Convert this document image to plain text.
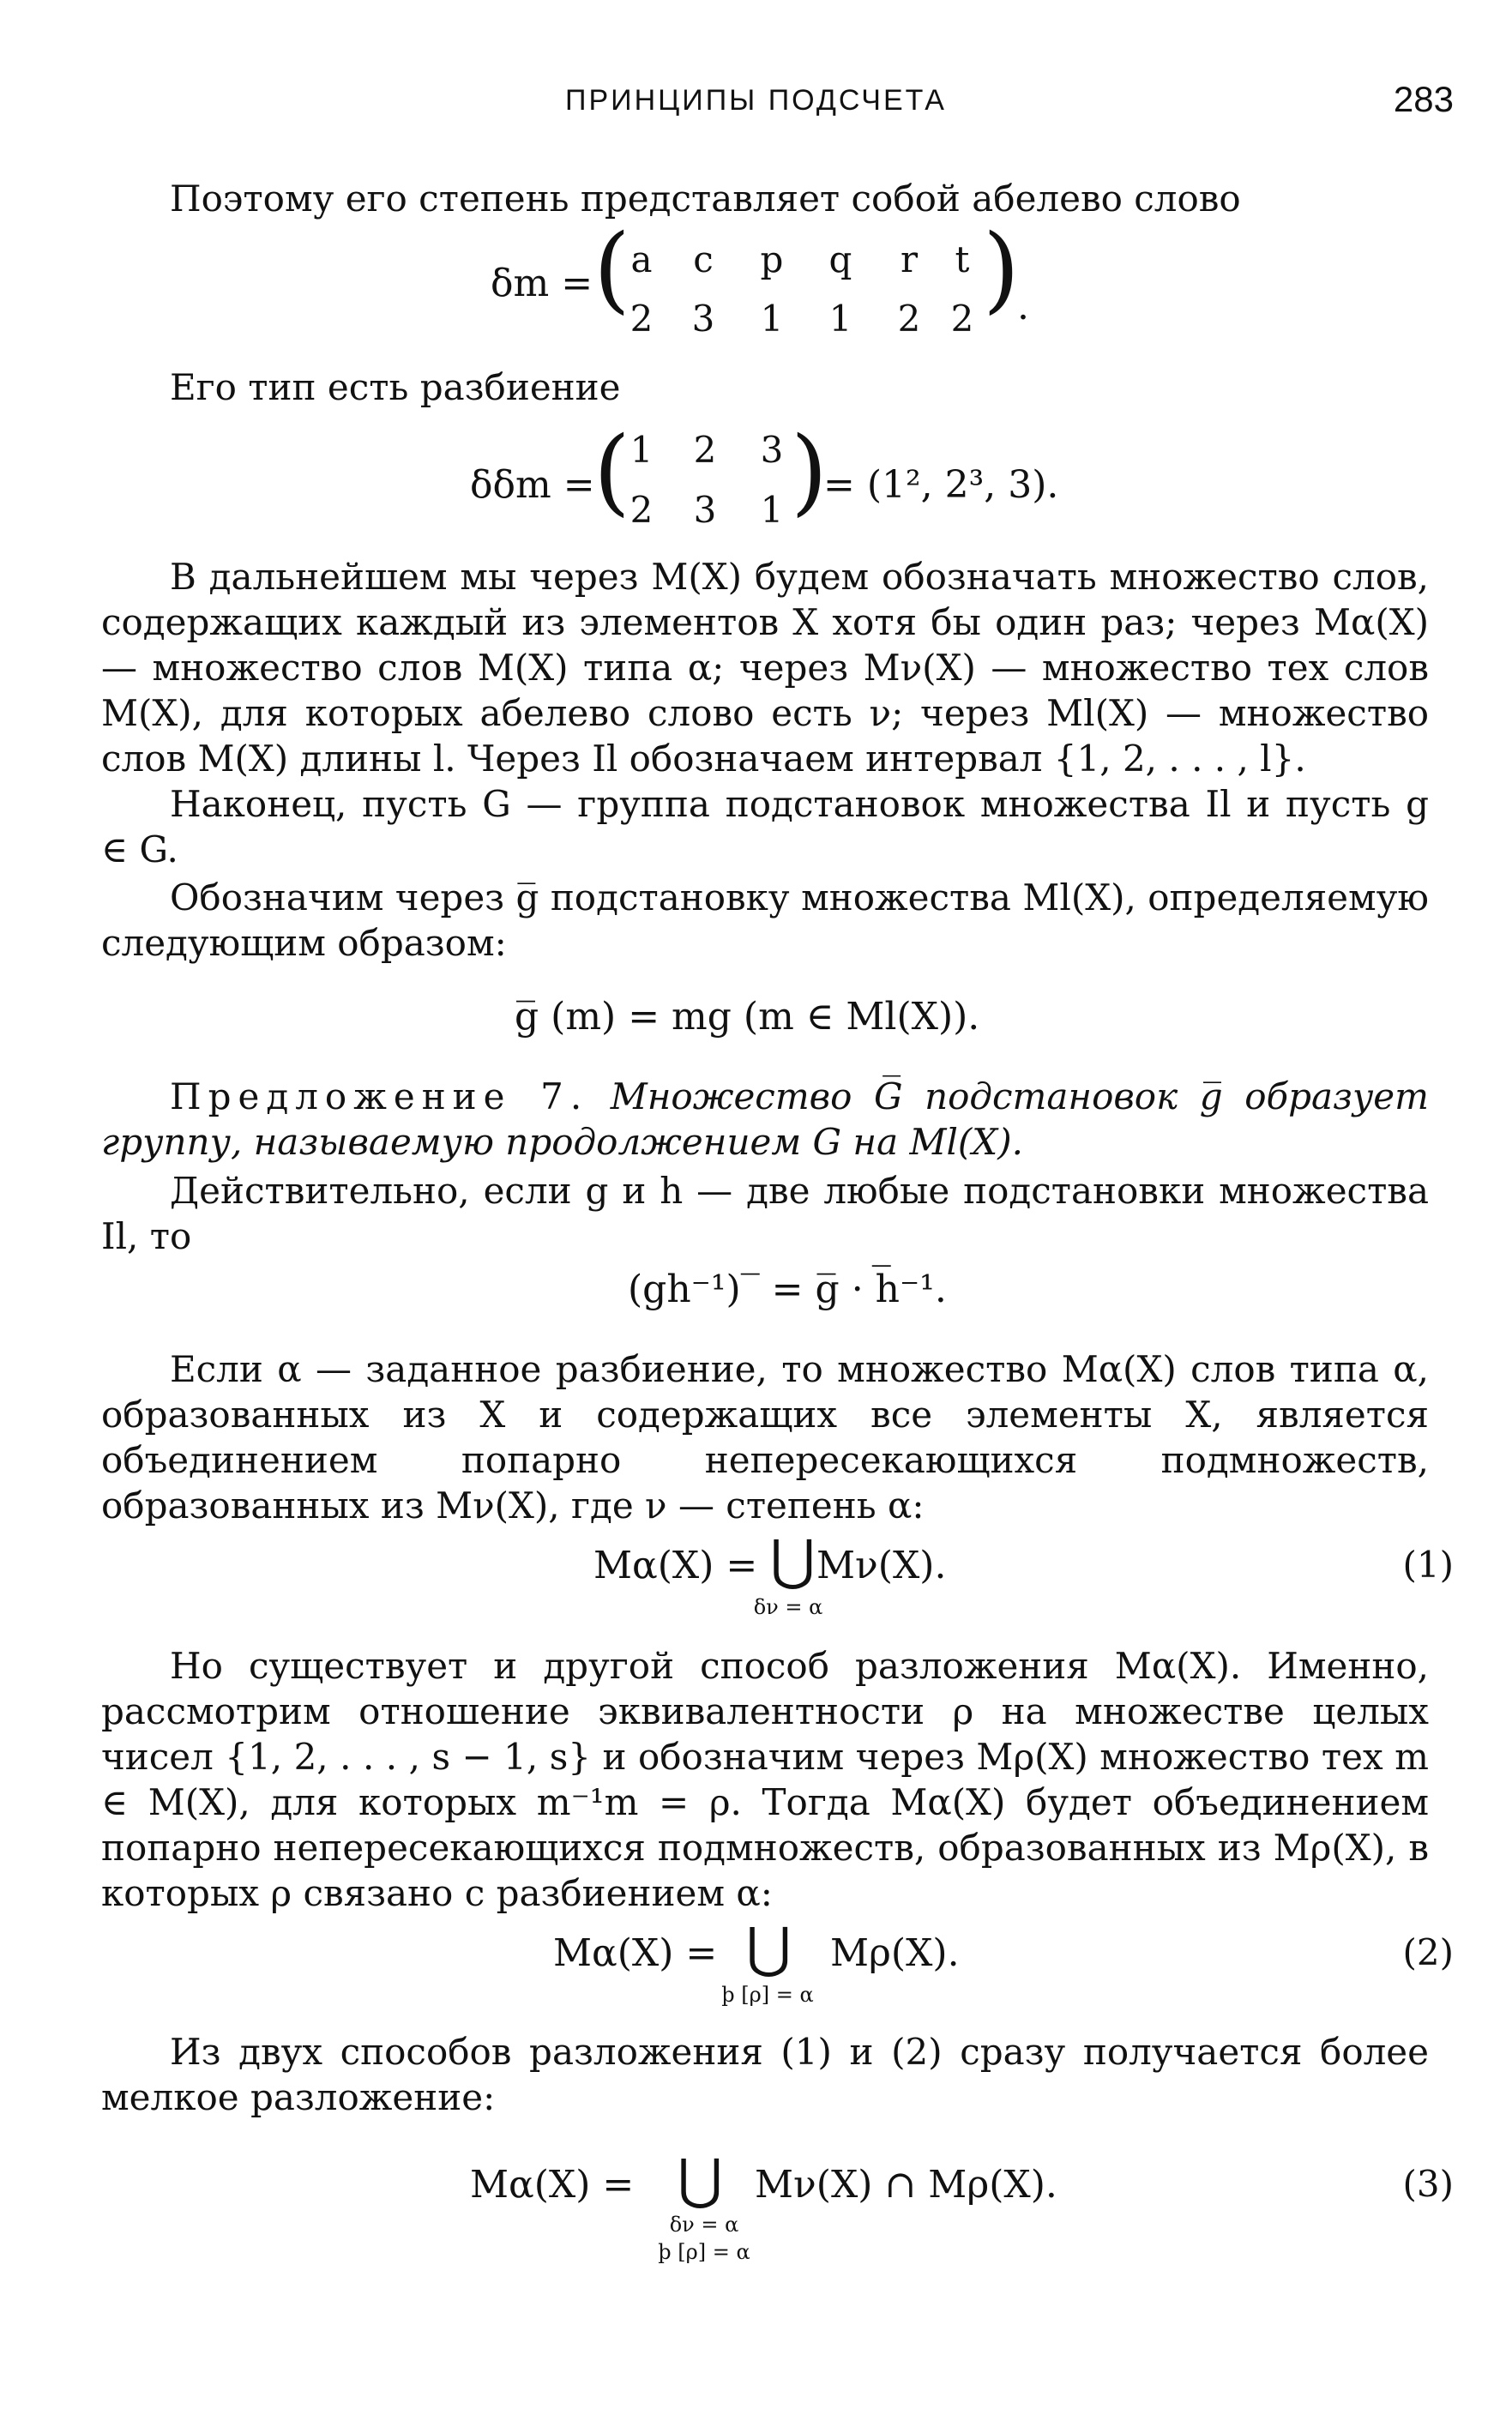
ПРИНЦИПЫ ПОДСЧЕТА	283
Поэтому его степень представляет собой абелево слово
δm = ( a c p q r t
2 3 1 1 2 2 )
.
Его тип есть разбиение
δδm =
( 1 2 3
2 3 1 )
= (1², 2³, 3).
В дальнейшем мы через M(X) будем обозначать множество слов, содержащих каждый из элементов X хотя бы один раз; через Mα(X) — множество слов M(X) типа α; через Mν(X) — множество тех слов M(X), для которых абелево слово есть ν; через Ml(X) — множество слов M(X) длины l. Через Il обозначаем интервал {1, 2, . . . , l}.
Наконец, пусть G — группа подстановок множества Il и пусть g ∈ G.
Обозначим через g̅ подстановку множества Ml(X), определяемую следующим образом:
g̅ (m) = mg (m ∈ Ml(X)).
Предложение 7. Множество G̅ подстановок g̅ образует группу, называемую продолжением G на Ml(X).
Действительно, если g и h — две любые подстановки множества Il, то
(gh⁻¹)‾ = g̅ · h̅⁻¹.
Если α — заданное разбиение, то множество Mα(X) слов типа α, образованных из X и содержащих все элементы X, является объединением попарно непересекающихся подмножеств, образованных из Mν(X), где ν — степень α:
Mα(X) = ⋃
δν = α
Mν(X).	(1)
Но существует и другой способ разложения Mα(X). Именно, рассмотрим отношение эквивалентности ρ на множестве целых чисел {1, 2, . . . , s − 1, s} и обозначим через Mρ(X) множество тех m ∈ M(X), для которых m⁻¹m = ρ. Тогда Mα(X) будет объединением попарно непересекающихся подмножеств, образованных из Mρ(X), в которых ρ связано с разбиением α:
Mα(X) = ⋃
þ [ρ] = α
Mρ(X).	(2)
Из двух способов разложения (1) и (2) сразу получается более мелкое разложение:
Mα(X) = ⋃
δν = α
þ [ρ] = α
Mν(X) ∩ Mρ(X).	(3)
